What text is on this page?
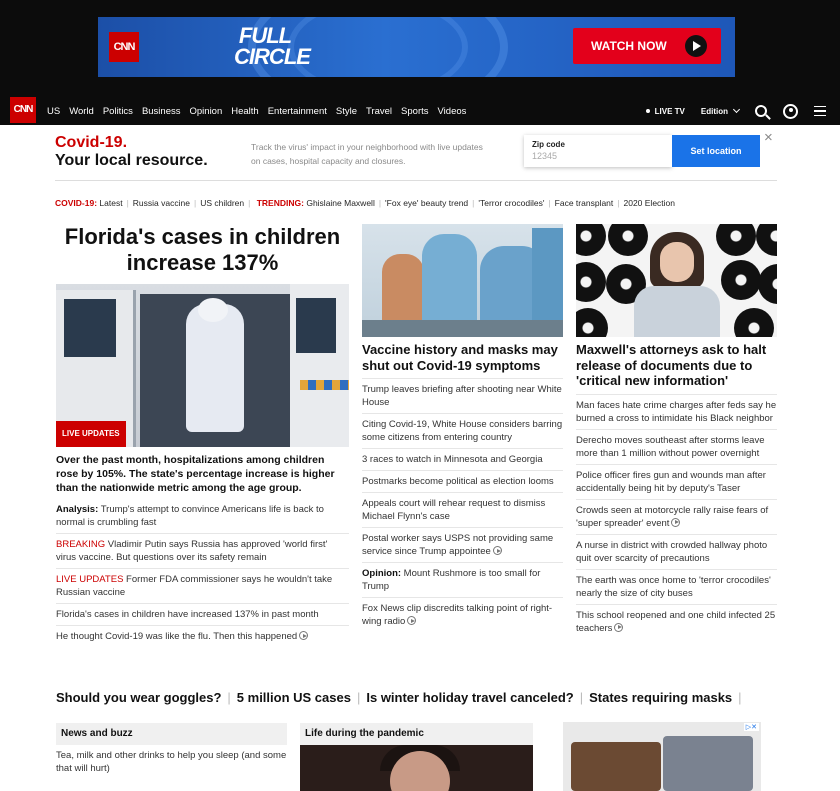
CNN	FULL
CIRCLE	WATCH NOW
CNN	US World Politics Business Opinion Health Entertainment Style Travel Sports Videos	LIVE TV Edition
Covid-19.
Your local resource.
Track the virus' impact in your neighborhood with live updates on cases, hospital capacity and closures.
Zip code
12345
Set location
×
COVID-19: Latest | Russia vaccine | US children | TRENDING: Ghislaine Maxwell | 'Fox eye' beauty trend | 'Terror crocodiles' | Face transplant | 2020 Election
Florida's cases in children increase 137%
LIVE UPDATES
Over the past month, hospitalizations among children rose by 105%. The state's percentage increase is higher than the nationwide metric among the age group.
Analysis: Trump's attempt to convince Americans life is back to normal is crumbling fast
BREAKING Vladimir Putin says Russia has approved 'world first' virus vaccine. But questions over its safety remain
LIVE UPDATES Former FDA commissioner says he wouldn't take Russian vaccine
Florida's cases in children have increased 137% in past month
He thought Covid-19 was like the flu. Then this happened
Vaccine history and masks may shut out Covid-19 symptoms
Trump leaves briefing after shooting near White House
Citing Covid-19, White House considers barring some citizens from entering country
3 races to watch in Minnesota and Georgia
Postmarks become political as election looms
Appeals court will rehear request to dismiss Michael Flynn's case
Postal worker says USPS not providing same service since Trump appointee
Opinion: Mount Rushmore is too small for Trump
Fox News clip discredits talking point of right-wing radio
Maxwell's attorneys ask to halt release of documents due to 'critical new information'
Man faces hate crime charges after feds say he burned a cross to intimidate his Black neighbor
Derecho moves southeast after storms leave more than 1 million without power overnight
Police officer fires gun and wounds man after accidentally being hit by deputy's Taser
Crowds seen at motorcycle rally raise fears of 'super spreader' event
A nurse in district with crowded hallway photo quit over scarcity of precautions
The earth was once home to 'terror crocodiles' nearly the size of city buses
This school reopened and one child infected 25 teachers
Should you wear goggles? | 5 million US cases | Is winter holiday travel canceled? | States requiring masks |
News and buzz
Tea, milk and other drinks to help you sleep (and some that will hurt)
Life during the pandemic
▷✕
